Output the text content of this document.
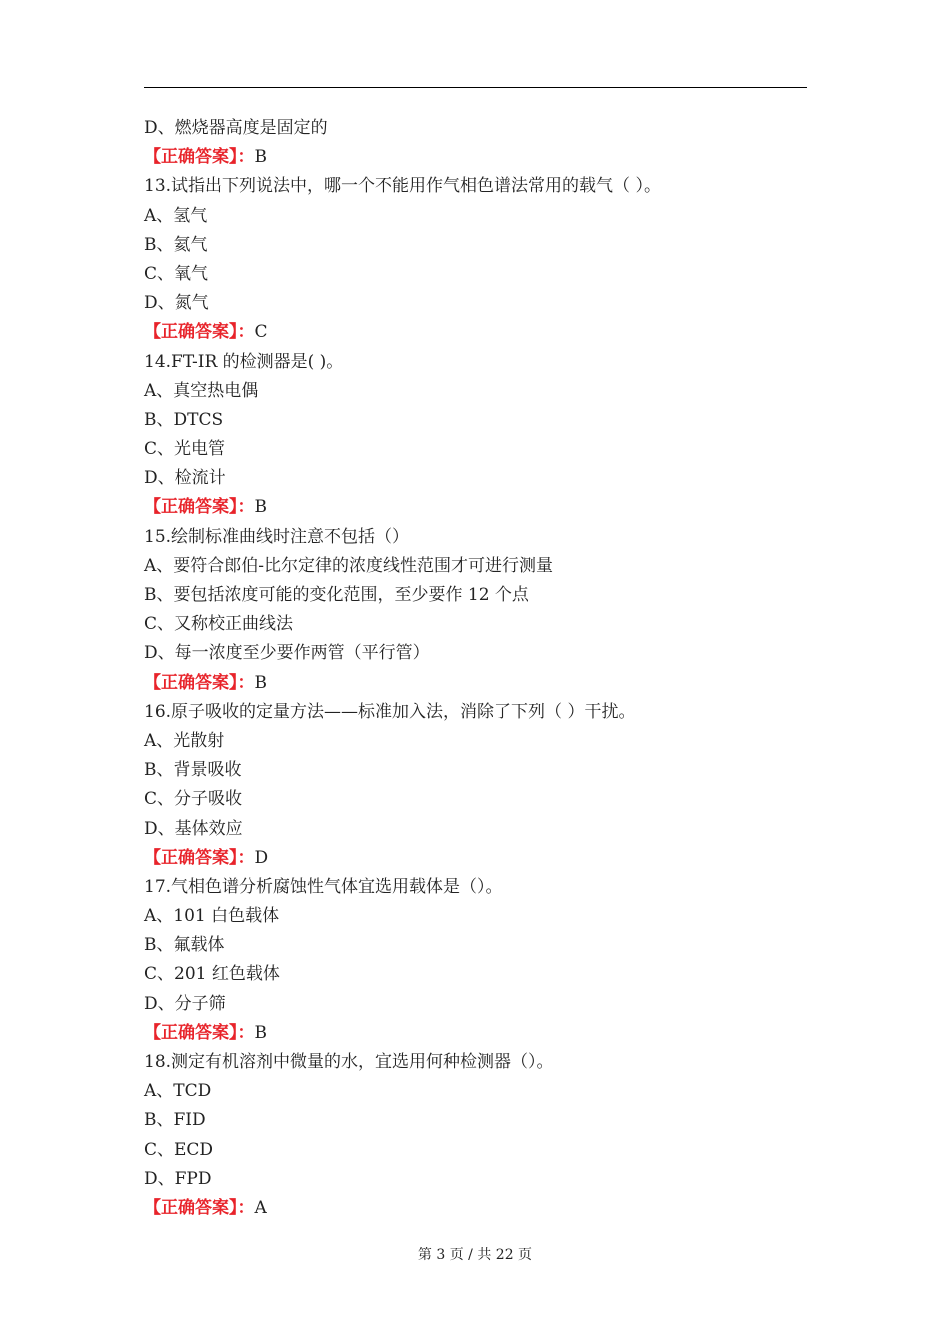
D、燃烧器高度是固定的
【正确答案】：B
13.试指出下列说法中，哪一个不能用作气相色谱法常用的载气（ ）。
A、氢气
B、氦气
C、氧气
D、氮气
【正确答案】：C
14.FT-IR 的检测器是( )。
A、真空热电偶
B、DTCS
C、光电管
D、检流计
【正确答案】：B
15.绘制标准曲线时注意不包括（）
A、要符合郎伯-比尔定律的浓度线性范围才可进行测量
B、要包括浓度可能的变化范围，至少要作 12 个点
C、又称校正曲线法
D、每一浓度至少要作两管（平行管）
【正确答案】：B
16.原子吸收的定量方法——标准加入法，消除了下列（ ）干扰。
A、光散射
B、背景吸收
C、分子吸收
D、基体效应
【正确答案】：D
17.气相色谱分析腐蚀性气体宜选用载体是（）。
A、101 白色载体
B、氟载体
C、201 红色载体
D、分子筛
【正确答案】：B
18.测定有机溶剂中微量的水，宜选用何种检测器（）。
A、TCD
B、FID
C、ECD
D、FPD
【正确答案】：A
第 3 页 / 共 22 页
